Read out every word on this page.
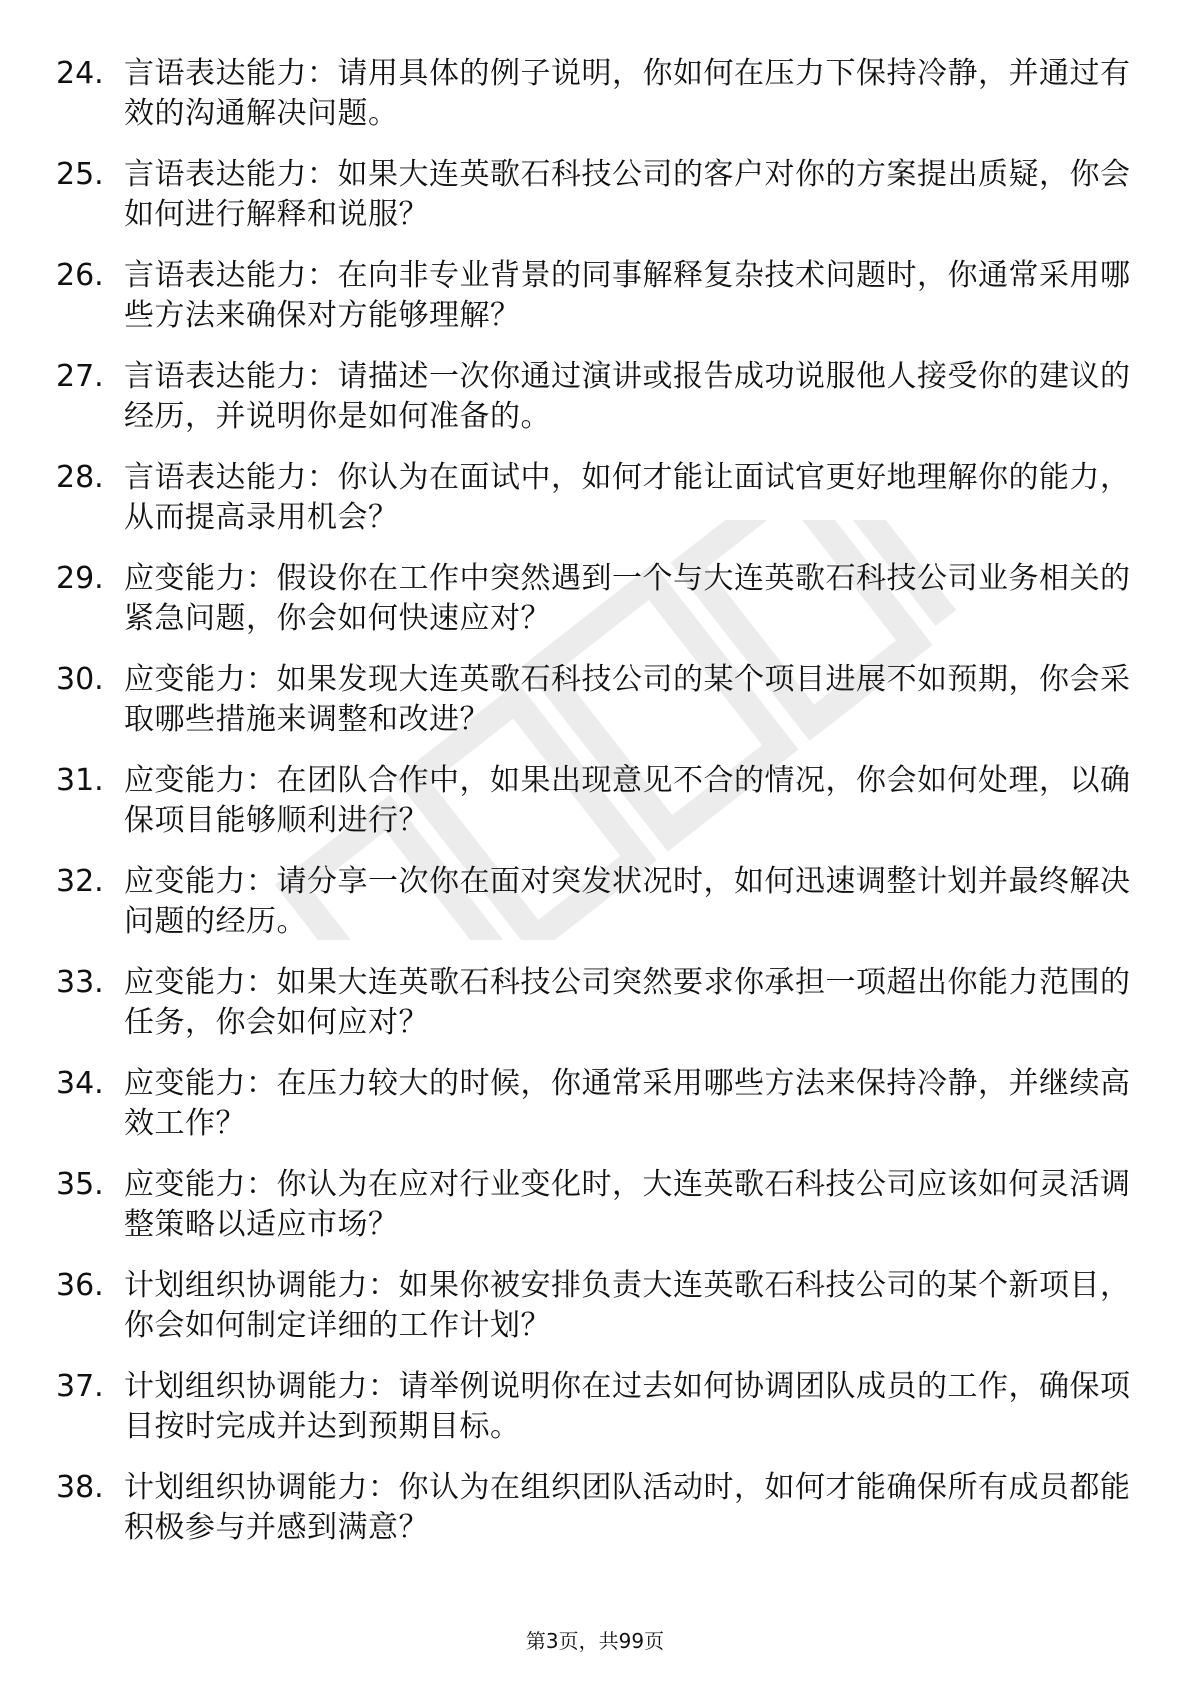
24. 言语表达能力：请用具体的例子说明，你如何在压力下保持冷静，并通过有效的沟通解决问题。
25. 言语表达能力：如果大连英歌石科技公司的客户对你的方案提出质疑，你会如何进行解释和说服？
26. 言语表达能力：在向非专业背景的同事解释复杂技术问题时，你通常采用哪些方法来确保对方能够理解？
27. 言语表达能力：请描述一次你通过演讲或报告成功说服他人接受你的建议的经历，并说明你是如何准备的。
28. 言语表达能力：你认为在面试中，如何才能让面试官更好地理解你的能力，从而提高录用机会？
29. 应变能力：假设你在工作中突然遇到一个与大连英歌石科技公司业务相关的紧急问题，你会如何快速应对？
30. 应变能力：如果发现大连英歌石科技公司的某个项目进展不如预期，你会采取哪些措施来调整和改进？
31. 应变能力：在团队合作中，如果出现意见不合的情况，你会如何处理，以确保项目能够顺利进行？
32. 应变能力：请分享一次你在面对突发状况时，如何迅速调整计划并最终解决问题的经历。
33. 应变能力：如果大连英歌石科技公司突然要求你承担一项超出你能力范围的任务，你会如何应对？
34. 应变能力：在压力较大的时候，你通常采用哪些方法来保持冷静，并继续高效工作？
35. 应变能力：你认为在应对行业变化时，大连英歌石科技公司应该如何灵活调整策略以适应市场？
36. 计划组织协调能力：如果你被安排负责大连英歌石科技公司的某个新项目，你会如何制定详细的工作计划？
37. 计划组织协调能力：请举例说明你在过去如何协调团队成员的工作，确保项目按时完成并达到预期目标。
38. 计划组织协调能力：你认为在组织团队活动时，如何才能确保所有成员都能积极参与并感到满意？
第3页，共99页
